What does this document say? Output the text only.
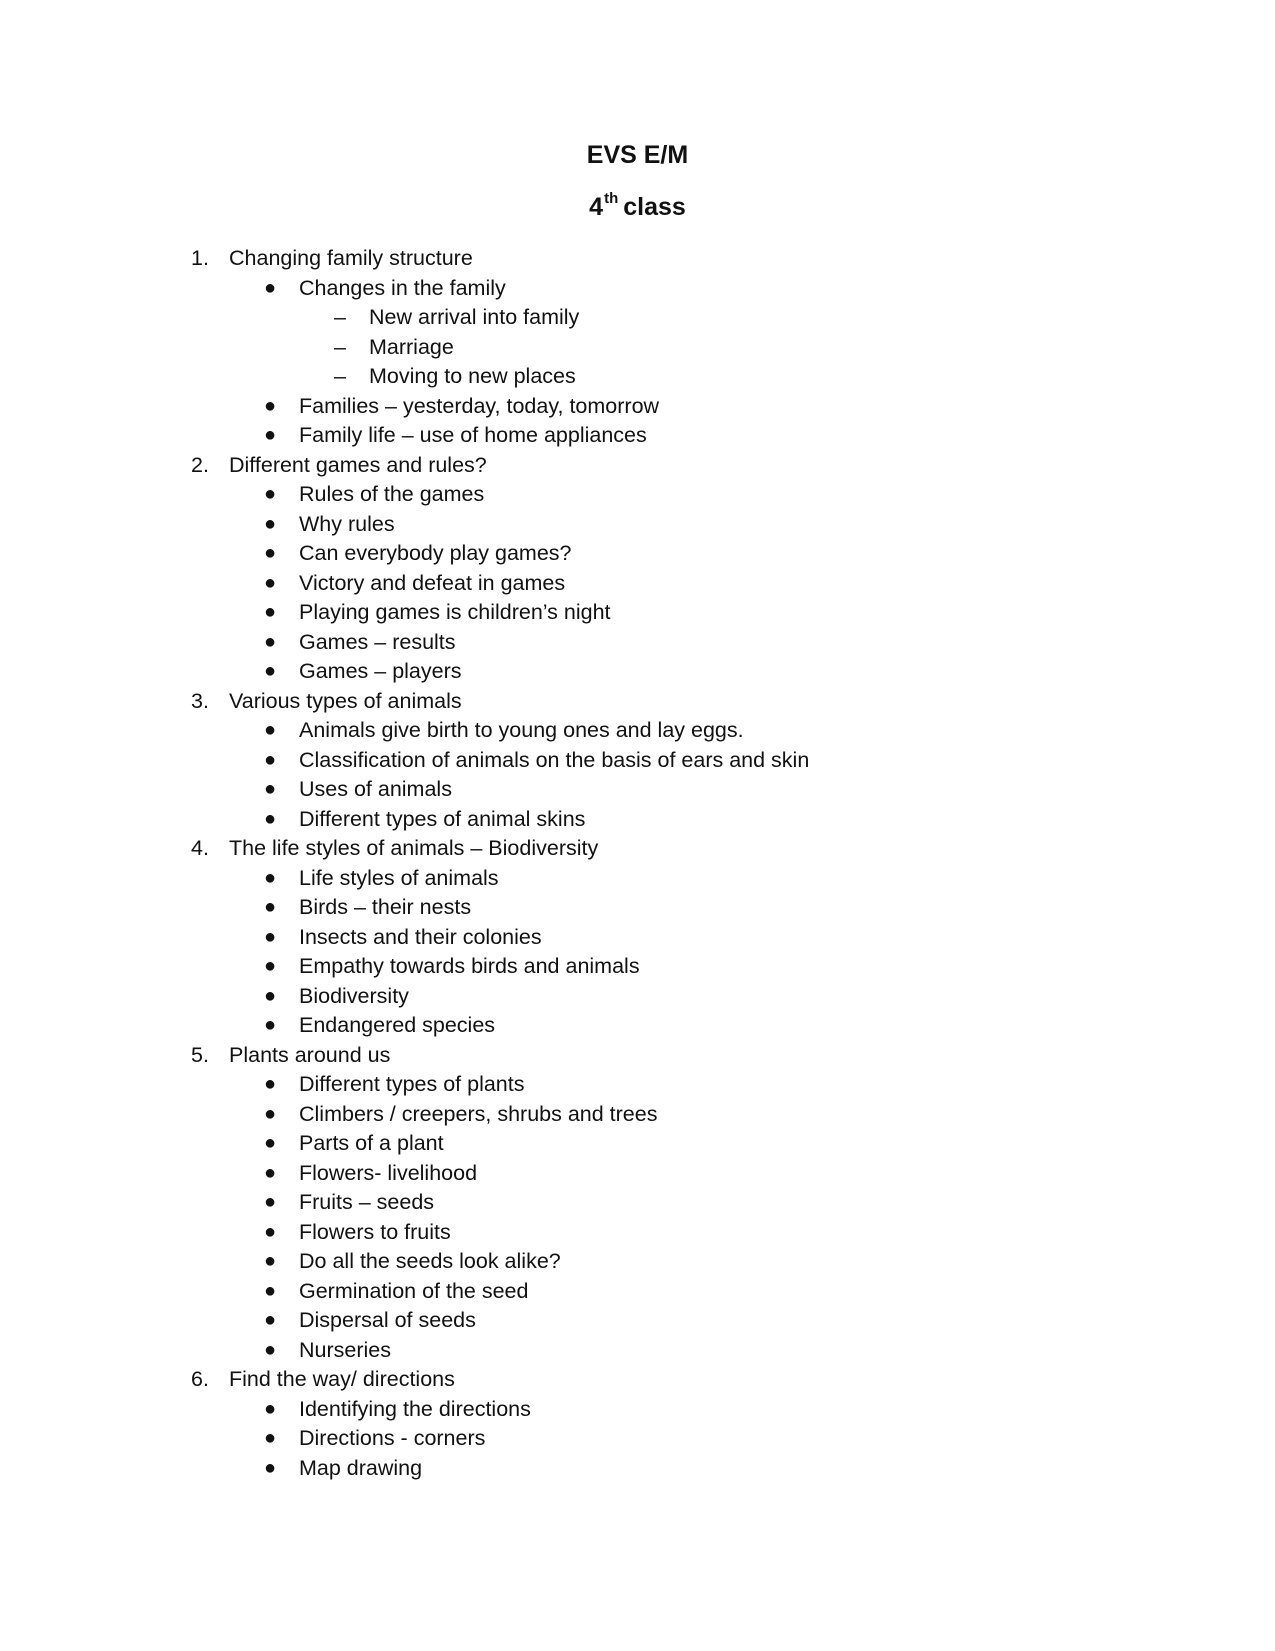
EVS E/M
4th class
1. Changing family structure
● Changes in the family
– New arrival into family
– Marriage
– Moving to new places
● Families – yesterday, today, tomorrow
● Family life – use of home appliances
2. Different games and rules?
● Rules of the games
● Why rules
● Can everybody play games?
● Victory and defeat in games
● Playing games is children’s night
● Games – results
● Games – players
3. Various types of animals
● Animals give birth to young ones and lay eggs.
● Classification of animals on the basis of ears and skin
● Uses of animals
● Different types of animal skins
4. The life styles of animals – Biodiversity
● Life styles of animals
● Birds – their nests
● Insects and their colonies
● Empathy towards birds and animals
● Biodiversity
● Endangered species
5. Plants around us
● Different types of plants
● Climbers / creepers, shrubs and trees
● Parts of a plant
● Flowers- livelihood
● Fruits – seeds
● Flowers to fruits
● Do all the seeds look alike?
● Germination of the seed
● Dispersal of seeds
● Nurseries
6. Find the way/ directions
● Identifying the directions
● Directions - corners
● Map drawing
